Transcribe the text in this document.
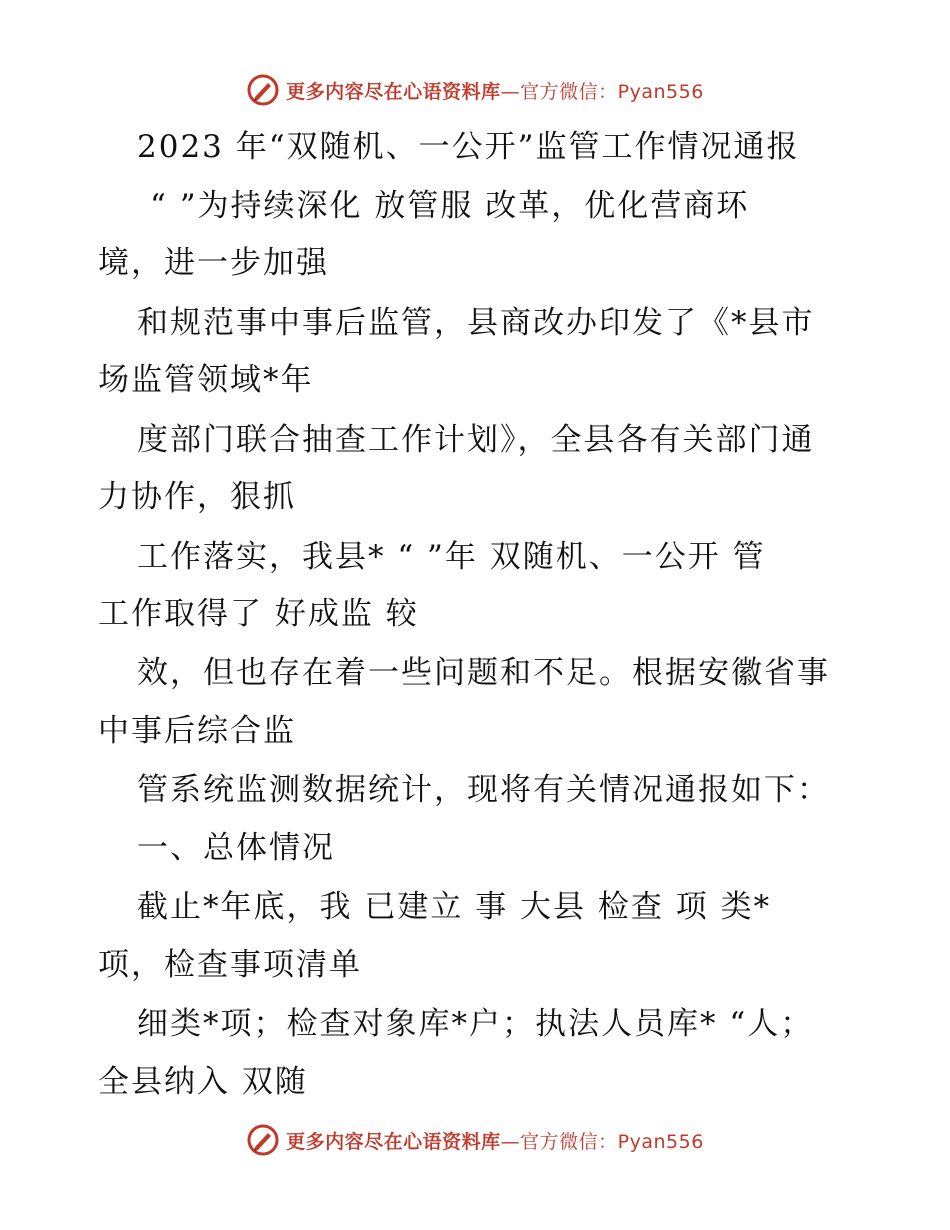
更多内容尽在心语资料库—官方微信：Pyan556
2023 年“双随机、一公开”监管工作情况通报
“ ”为持续深化 放管服 改革，优化营商环
境，进一步加强
和规范事中事后监管，县商改办印发了《*县市
场监管领域*年
度部门联合抽查工作计划》，全县各有关部门通
力协作，狠抓
工作落实，我县* “ ”年 双随机、一公开 管
工作取得了 好成监 较
效，但也存在着一些问题和不足。根据安徽省事
中事后综合监
管系统监测数据统计，现将有关情况通报如下：
一、总体情况
截止*年底，我 已建立 事 大县 检查 项 类*
项，检查事项清单
细类*项；检查对象库*户；执法人员库* “人；
全县纳入 双随
更多内容尽在心语资料库—官方微信：Pyan556
